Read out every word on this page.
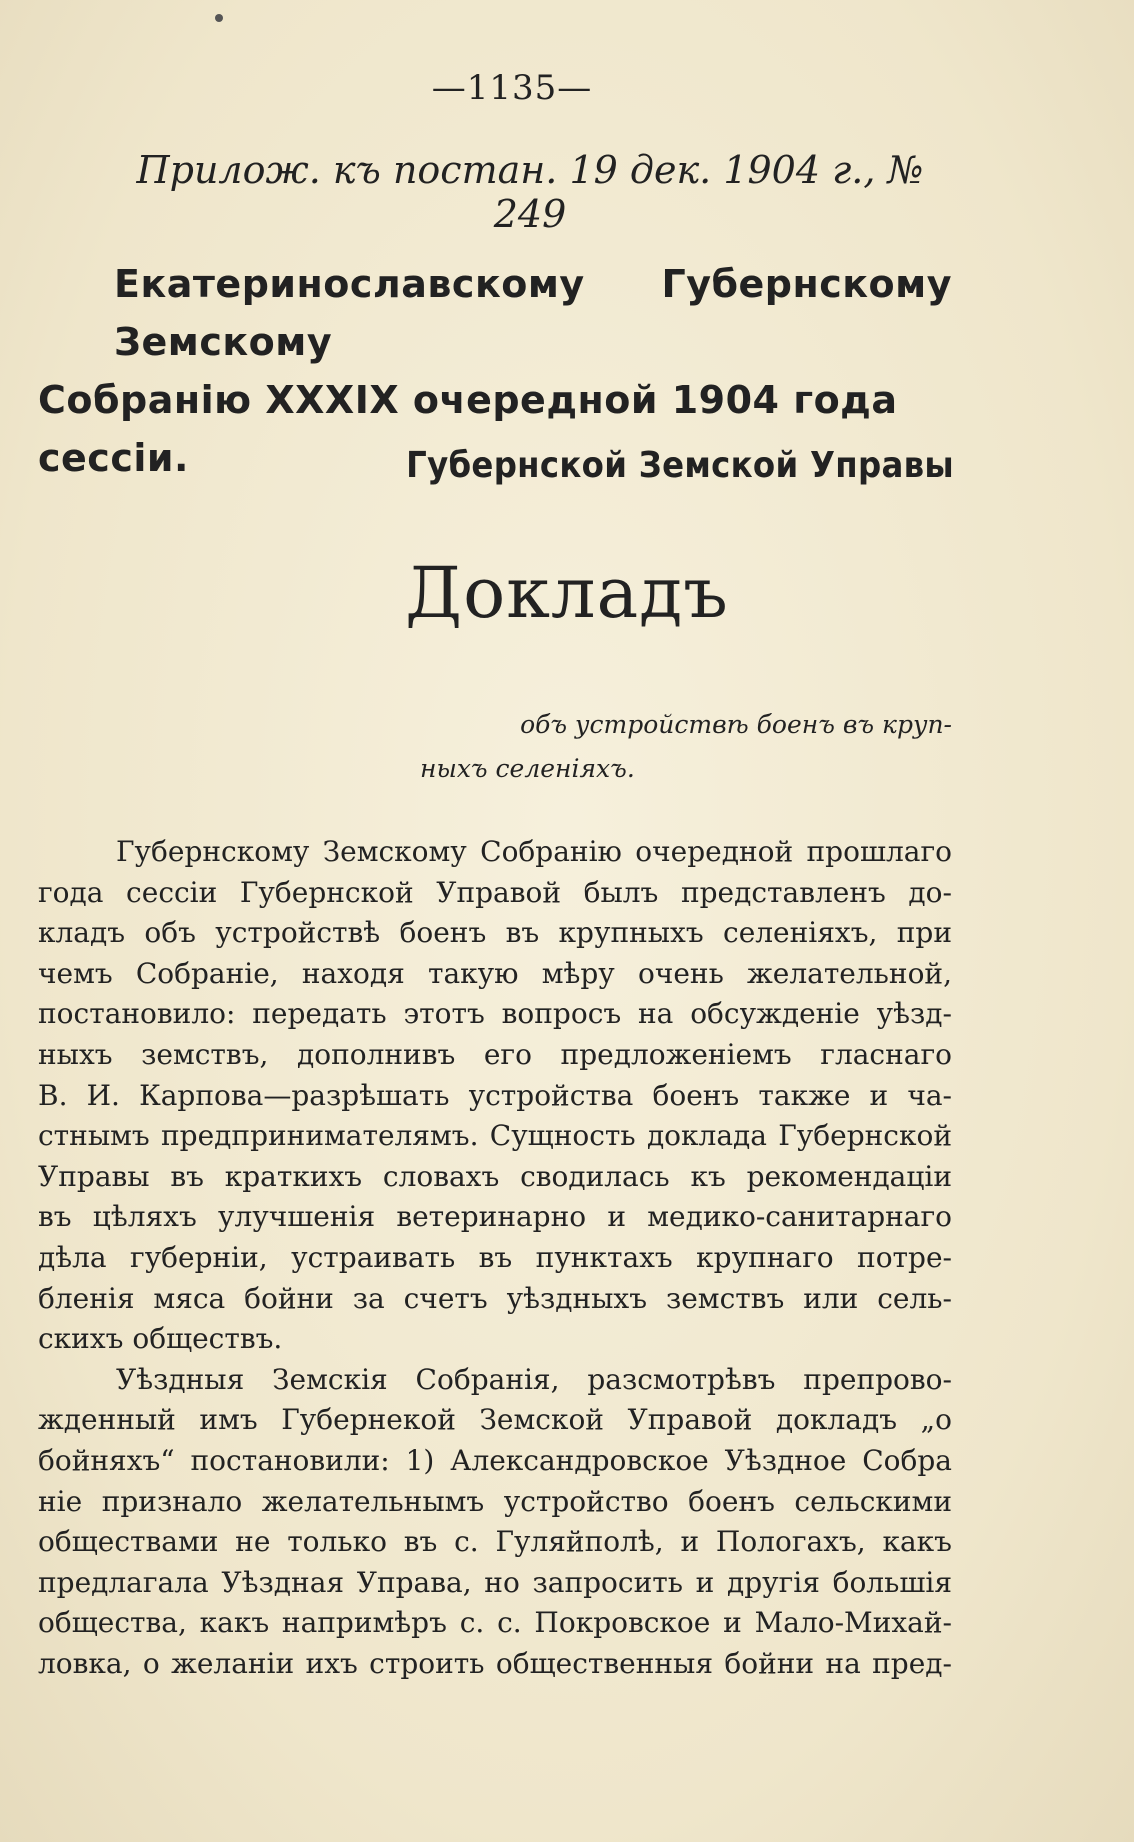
—1135—
Прилож. къ постан. 19 дек. 1904 г., № 249
Екатеринославскому Губернскому Земскому
Собранію XXXIX очередной 1904 года сессіи.	Губернской Земской Управы
Докладъ
объ устройствѣ боенъ въ круп-
ныхъ селеніяхъ.
Губернскому Земскому Собранію очередной прошлаго
года сессіи Губернской Управой былъ представленъ до-
кладъ объ устройствѣ боенъ въ крупныхъ селеніяхъ, при
чемъ Собраніе, находя такую мѣру очень желательной,
постановило: передать этотъ вопросъ на обсужденіе уѣзд-
ныхъ земствъ, дополнивъ его предложеніемъ гласнаго
В. И. Карпова—разрѣшать устройства боенъ также и ча-
стнымъ предпринимателямъ. Сущность доклада Губернской
Управы въ краткихъ словахъ сводилась къ рекомендаціи
въ цѣляхъ улучшенія ветеринарно и медико-санитарнаго
дѣла губерніи, устраивать въ пунктахъ крупнаго потре-
бленія мяса бойни за счетъ уѣздныхъ земствъ или сель-
скихъ обществъ.
Уѣздныя Земскія Собранія, разсмотрѣвъ препрово-
жденный имъ Губернекой Земской Управой докладъ „о
бойняхъ“ постановили: 1) Александровское Уѣздное Собра
ніе признало желательнымъ устройство боенъ сельскими
обществами не только въ с. Гуляйполѣ, и Пологахъ, какъ
предлагала Уѣздная Управа, но запросить и другія большія
общества, какъ напримѣръ с. с. Покровское и Мало-Михай-
ловка, о желаніи ихъ строить общественныя бойни на пред-
